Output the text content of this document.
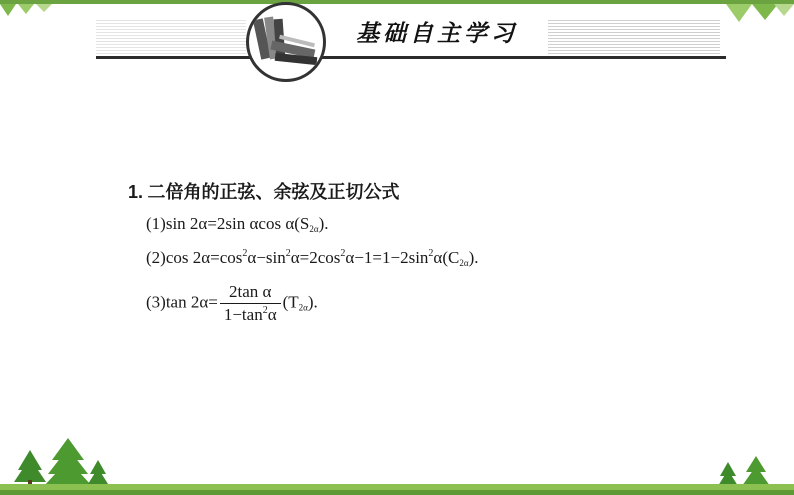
基础自主学习
1. 二倍角的正弦、余弦及正切公式
(1)sin 2α=2sin αcos $\alpha(S_{2\alpha})$.
(2)cos $2\alpha=\cos^2\alpha-\sin^2\alpha=2\cos^2\alpha-1=1-2\sin^2\alpha(C_{2\alpha})$.
(3)tan $2\alpha= \frac{\text{2tan α}}{1-\tan^2\alpha} (T_{2\alpha})$.
